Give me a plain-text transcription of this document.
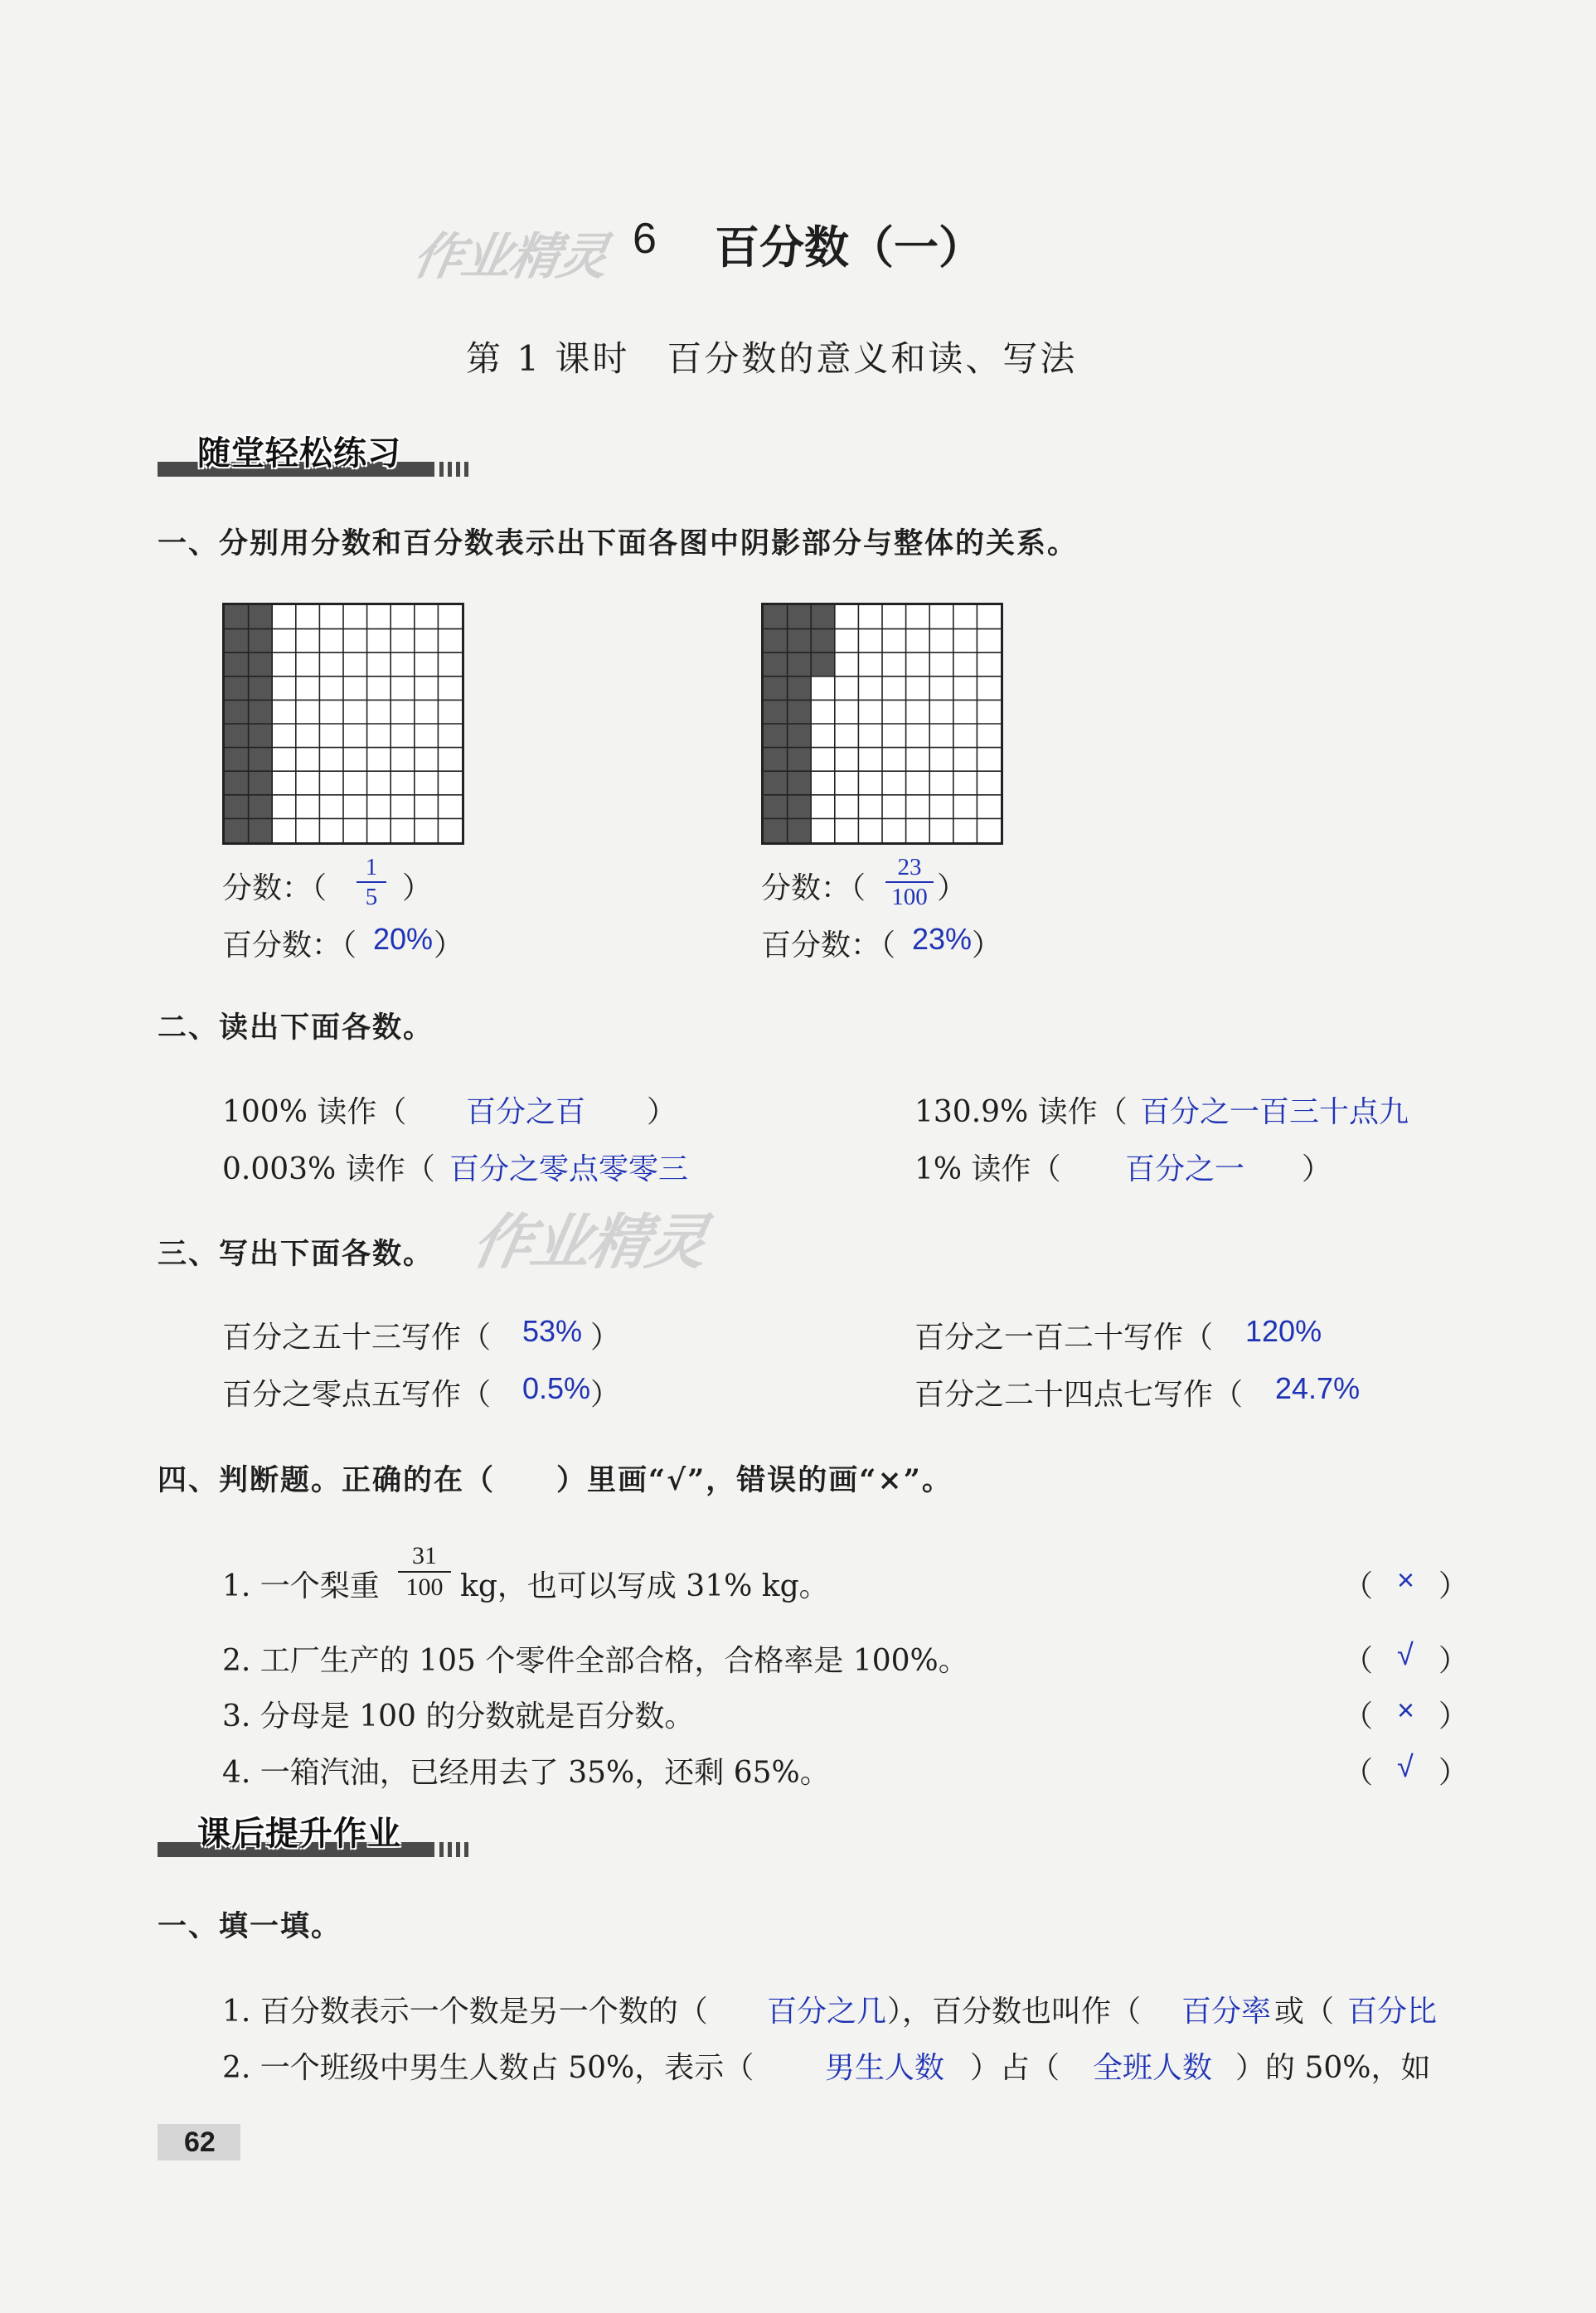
作业精灵 6 百分数（一）
第 1 课时　百分数的意义和读、写法
随堂轻松练习
一、分别用分数和百分数表示出下面各图中阴影部分与整体的关系。
分数：（
1
5 ）
百分数：（ 20% ）
分数：（
23
100 ）
百分数：（ 23% ）
二、读出下面各数。
100% 读作（ 百分之百 ）	130.9% 读作（ 百分之一百三十点九
0.003% 读作（ 百分之零点零零三	1% 读作（ 百分之一 ）
三、写出下面各数。 作业精灵
百分之五十三写作（ 53% ）	百分之一百二十写作（ 120%
百分之零点五写作（ 0.5% ）	百分之二十四点七写作（ 24.7%
四、判断题。正确的在（　　）里画“√”，错误的画“×”。
1. 一个梨重
31
100 kg，也可以写成 31% kg。	（ × ）
2. 工厂生产的 105 个零件全部合格，合格率是 100%。	（ √ ）
3. 分母是 100 的分数就是百分数。	（ × ）
4. 一箱汽油，已经用去了 35%，还剩 65%。	（ √ ）
课后提升作业
一、填一填。
1. 百分数表示一个数是另一个数的（ 百分之几 ），百分数也叫作（ 百分率 或（ 百分比
2. 一个班级中男生人数占 50%，表示（ 男生人数 ）占（ 全班人数 ）的 50%，如
62
